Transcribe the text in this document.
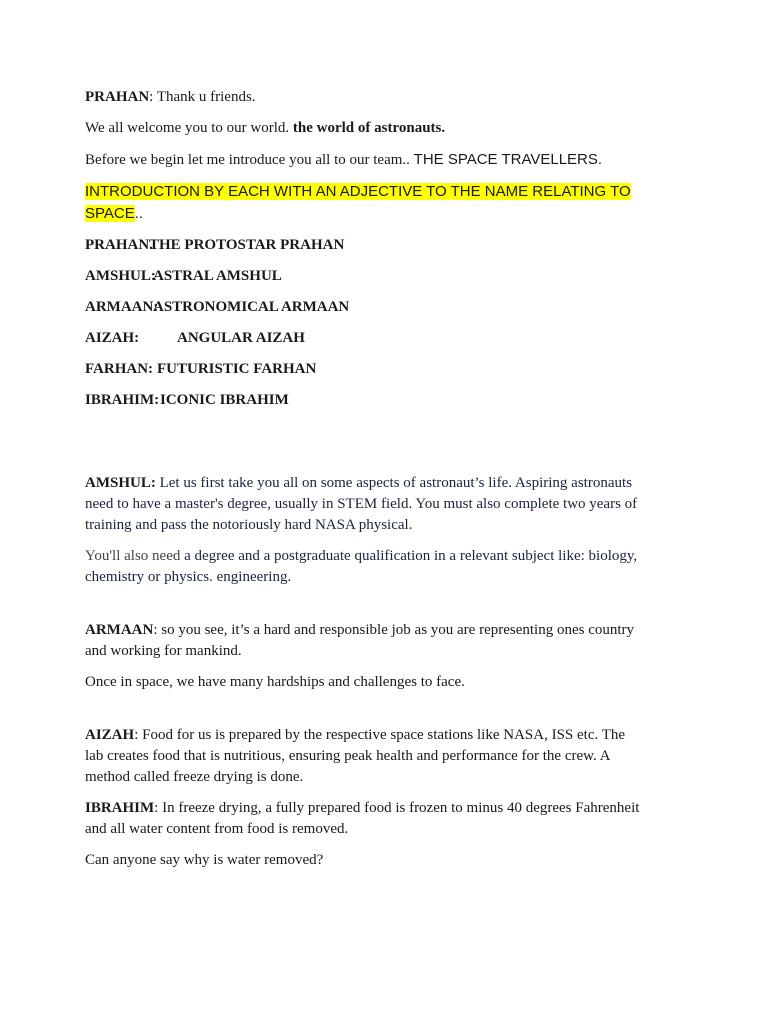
PRAHAN: Thank u friends.

We all welcome you to our world. the world of astronauts.

Before we begin let me introduce you all to our team.. THE SPACE TRAVELLERS.

INTRODUCTION BY EACH WITH AN ADJECTIVE TO THE NAME RELATING TO SPACE..

PRAHAN.THE PROTOSTAR PRAHAN

AMSHUL:ASTRAL AMSHUL

ARMAAN:ASTRONOMICAL ARMAAN

AIZAH:	ANGULAR AIZAH

FARHAN: FUTURISTIC FARHAN

IBRAHIM:ICONIC IBRAHIM

AMSHUL: Let us first take you all on some aspects of astronaut’s life. Aspiring astronauts need to have a master's degree, usually in STEM field. You must also complete two years of training and pass the notoriously hard NASA physical.

You'll also need a degree and a postgraduate qualification in a relevant subject like: biology, chemistry or physics. engineering.

ARMAAN: so you see, it’s a hard and responsible job as you are representing ones country and working for mankind.

Once in space, we have many hardships and challenges to face.

AIZAH: Food for us is prepared by the respective space stations like NASA, ISS etc. The lab creates food that is nutritious, ensuring peak health and performance for the crew. A method called freeze drying is done.

IBRAHIM: In freeze drying, a fully prepared food is frozen to minus 40 degrees Fahrenheit and all water content from food is removed.

Can anyone say why is water removed?
